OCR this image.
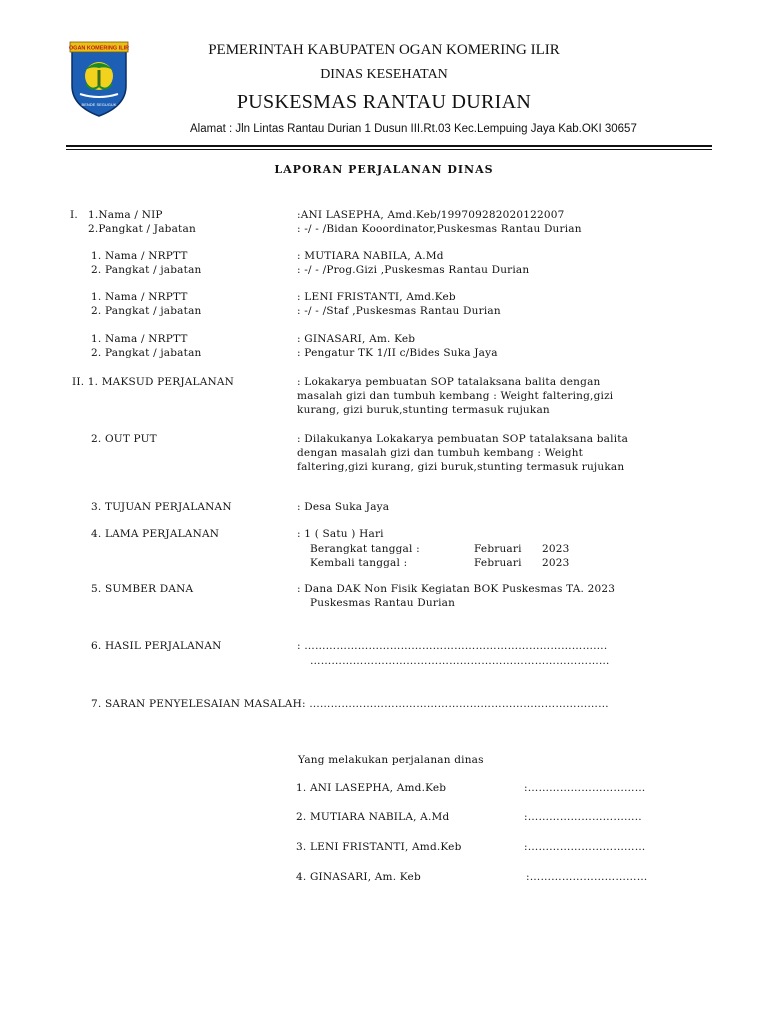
OGAN KOMERING ILIR
BENDE SEGUGUK
PEMERINTAH KABUPATEN OGAN KOMERING ILIR
DINAS KESEHATAN
PUSKESMAS RANTAU DURIAN
Alamat : Jln Lintas Rantau Durian 1 Dusun III.Rt.03 Kec.Lempuing Jaya Kab.OKI 30657
LAPORAN PERJALANAN DINAS
I. 1.Nama / NIP	:ANI LASEPHA, Amd.Keb/199709282020122007
2.Pangkat / Jabatan	: -/ - /Bidan Kooordinator,Puskesmas Rantau Durian
1. Nama / NRPTT	: MUTIARA NABILA, A.Md
2. Pangkat / jabatan	: -/ - /Prog.Gizi ,Puskesmas Rantau Durian
1. Nama / NRPTT	: LENI FRISTANTI, Amd.Keb
2. Pangkat / jabatan	: -/ - /Staf ,Puskesmas Rantau Durian
1. Nama / NRPTT	: GINASARI, Am. Keb
2. Pangkat / jabatan	: Pengatur TK 1/II c/Bides Suka Jaya
II. 1. MAKSUD PERJALANAN	: Lokakarya pembuatan SOP tatalaksana balita dengan
masalah gizi dan tumbuh kembang : Weight faltering,gizi
kurang, gizi buruk,stunting termasuk rujukan
2. OUT PUT	: Dilakukanya Lokakarya pembuatan SOP tatalaksana balita
dengan masalah gizi dan tumbuh kembang : Weight
faltering,gizi kurang, gizi buruk,stunting termasuk rujukan
3. TUJUAN PERJALANAN	: Desa Suka Jaya
4. LAMA PERJALANAN	: 1 ( Satu ) Hari
Berangkat tanggal :	Februari 2023
Kembali tanggal :	Februari 2023
5. SUMBER DANA	: Dana DAK Non Fisik Kegiatan BOK Puskesmas TA. 2023
Puskesmas Rantau Durian
6. HASIL PERJALANAN	: ………………………………………………………………………….
…………………………………………………………………………
7. SARAN PENYELESAIAN MASALAH: …………………………………………………………………………
Yang melakukan perjalanan dinas
1. ANI LASEPHA, Amd.Keb	:……………………………
2. MUTIARA NABILA, A.Md	:…………………………..
3. LENI FRISTANTI, Amd.Keb	:……………………………
4. GINASARI, Am. Keb	:……………………………
